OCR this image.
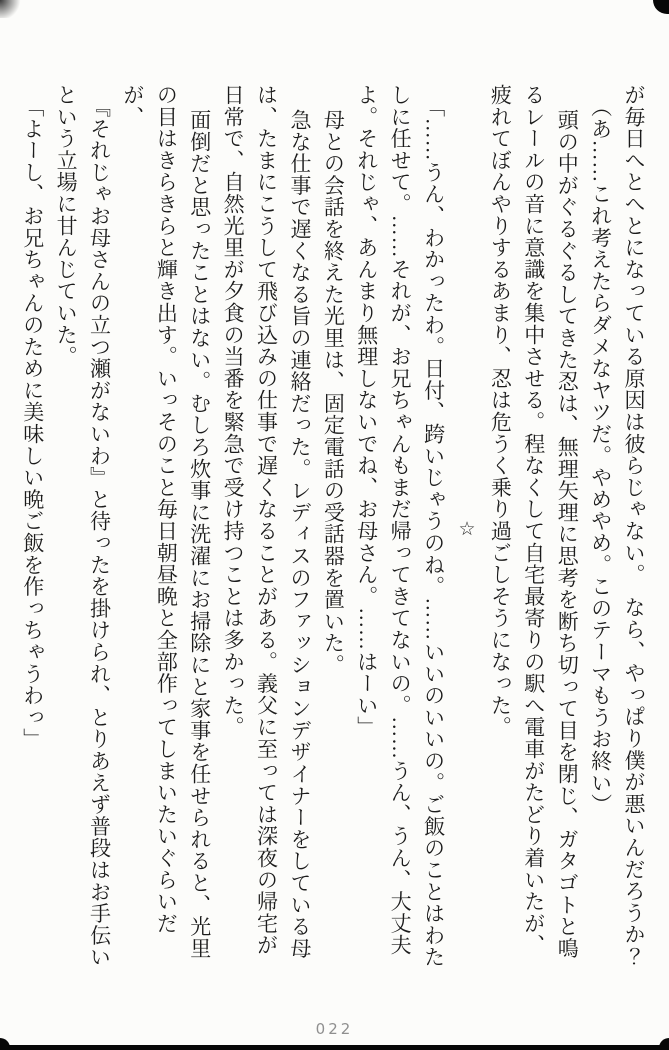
が毎日へとへとになっている原因は彼らじゃない。　なら、やっぱり僕が悪いんだろうか？
（あ……これ考えたらダメなヤツだ。やめやめ。このテーマもうお終い）
頭の中がぐるぐるしてきた忍は、無理矢理に思考を断ち切って目を閉じ、ガタゴトと鳴
るレールの音に意識を集中させる。程なくして自宅最寄りの駅へ電車がたどり着いたが、
疲れてぼんやりするあまり、忍は危うく乗り過ごしそうになった。
☆
「……うん、わかったわ。日付、跨いじゃうのね。……いいのいいの。ご飯のことはわた
しに任せて。……それが、お兄ちゃんもまだ帰ってきてないの。……うん、うん、大丈夫
よ。それじゃ、あんまり無理しないでね、お母さん。……はーい」
母との会話を終えた光里は、固定電話の受話器を置いた。
急な仕事で遅くなる旨の連絡だった。レディスのファッションデザイナーをしている母
は、たまにこうして飛び込みの仕事で遅くなることがある。義父に至っては深夜の帰宅が
日常で、自然光里が夕食の当番を緊急で受け持つことは多かった。
面倒だと思ったことはない。むしろ炊事に洗濯にお掃除にと家事を任せられると、光里
の目はきらきらと輝き出す。いっそのこと毎日朝昼晩と全部作ってしまいたいぐらいだが、
『それじゃお母さんの立つ瀬がないわ』と待ったを掛けられ、とりあえず普段はお手伝い
という立場に甘んじていた。
「よーし、お兄ちゃんのために美味しい晩ご飯を作っちゃうわっ」
022
